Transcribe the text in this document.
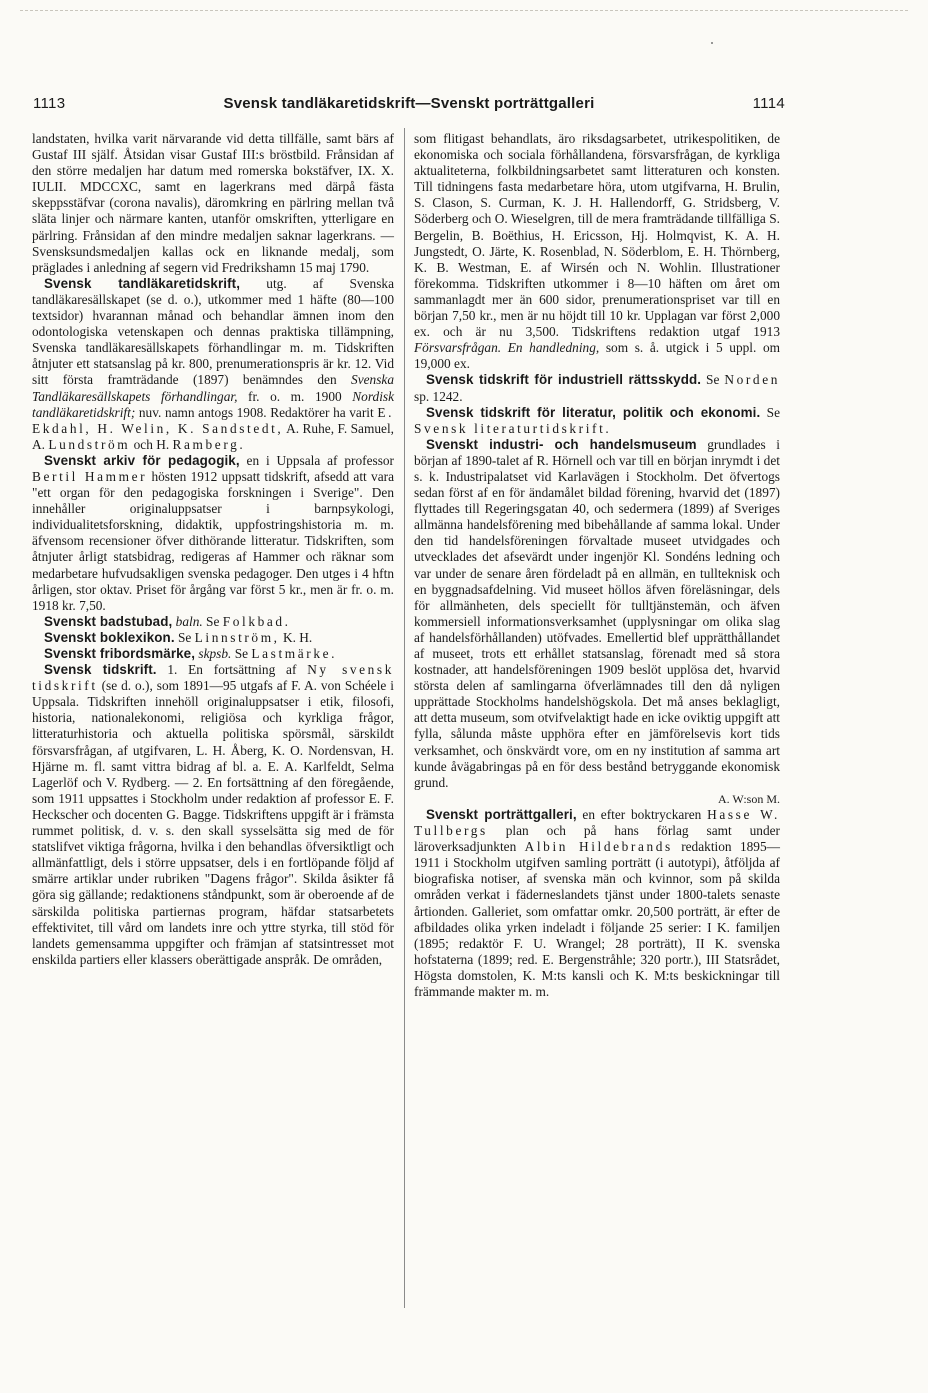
1113	Svensk tandläkaretidskrift—Svenskt porträttgalleri	1114

landstaten, hvilka varit närvarande vid detta tillfälle, samt bärs af Gustaf III själf. Åtsidan visar Gustaf III:s bröstbild. Frånsidan af den större medaljen har datum med romerska bokstäfver, IX. X. IULII. MDCCXC, samt en lagerkrans med därpå fästa skeppsstäfvar (corona navalis), däromkring en pärlring mellan två släta linjer och närmare kanten, utanför omskriften, ytterligare en pärlring. Frånsidan af den mindre medaljen saknar lagerkrans. — Svensksundsmedaljen kallas ock en liknande medalj, som präglades i anledning af segern vid Fredrikshamn 15 maj 1790.

Svensk tandläkaretidskrift, utg. af Svenska tandläkaresällskapet (se d. o.), utkommer med 1 häfte (80—100 textsidor) hvarannan månad och behandlar ämnen inom den odontologiska vetenskapen och dennas praktiska tillämpning, Svenska tandläkaresällskapets förhandlingar m. m. Tidskriften åtnjuter ett statsanslag på kr. 800, prenumerationspris är kr. 12. Vid sitt första framträdande (1897) benämndes den Svenska Tandläkaresällskapets förhandlingar, fr. o. m. 1900 Nordisk tandläkaretidskrift; nuv. namn antogs 1908. Redaktörer ha varit E. Ekdahl, H. Welin, K. Sandstedt, A. Ruhe, F. Samuel, A. Lundström och H. Ramberg.

Svenskt arkiv för pedagogik, en i Uppsala af professor Bertil Hammer hösten 1912 uppsatt tidskrift, afsedd att vara "ett organ för den pedagogiska forskningen i Sverige". Den innehåller originaluppsatser i barnpsykologi, individualitetsforskning, didaktik, uppfostringshistoria m. m. äfvensom recensioner öfver dithörande litteratur. Tidskriften, som åtnjuter årligt statsbidrag, redigeras af Hammer och räknar som medarbetare hufvudsakligen svenska pedagoger. Den utges i 4 hftn årligen, stor oktav. Priset för årgång var först 5 kr., men är fr. o. m. 1918 kr. 7,50.

Svenskt badstubad, baln. Se Folkbad.

Svenskt boklexikon. Se Linnström, K. H.

Svenskt fribordsmärke, skpsb. Se Lastmärke.

Svensk tidskrift. 1. En fortsättning af Ny svensk tidskrift (se d. o.), som 1891—95 utgafs af F. A. von Schéele i Uppsala. Tidskriften innehöll originaluppsatser i etik, filosofi, historia, nationalekonomi, religiösa och kyrkliga frågor, litteraturhistoria och aktuella politiska spörsmål, särskildt försvarsfrågan, af utgifvaren, L. H. Åberg, K. O. Nordensvan, H. Hjärne m. fl. samt vittra bidrag af bl. a. E. A. Karlfeldt, Selma Lagerlöf och V. Rydberg. — 2. En fortsättning af den föregående, som 1911 uppsattes i Stockholm under redaktion af professor E. F. Heckscher och docenten G. Bagge. Tidskriftens uppgift är i främsta rummet politisk, d. v. s. den skall sysselsätta sig med de för statslifvet viktiga frågorna, hvilka i den behandlas öfversiktligt och allmänfattligt, dels i större uppsatser, dels i en fortlöpande följd af smärre artiklar under rubriken "Dagens frågor". Skilda åsikter få göra sig gällande; redaktionens ståndpunkt, som är oberoende af de särskilda politiska partiernas program, häfdar statsarbetets effektivitet, till vård om landets inre och yttre styrka, till stöd för landets gemensamma uppgifter och främjan af statsintresset mot enskilda partiers eller klassers oberättigade anspråk. De områden,

som flitigast behandlats, äro riksdagsarbetet, utrikespolitiken, de ekonomiska och sociala förhållandena, försvarsfrågan, de kyrkliga aktualiteterna, folkbildningsarbetet samt litteraturen och konsten. Till tidningens fasta medarbetare höra, utom utgifvarna, H. Brulin, S. Clason, S. Curman, K. J. H. Hallendorff, G. Stridsberg, V. Söderberg och O. Wieselgren, till de mera framträdande tillfälliga S. Bergelin, B. Boëthius, H. Ericsson, Hj. Holmqvist, K. A. H. Jungstedt, O. Järte, K. Rosenblad, N. Söderblom, E. H. Thörnberg, K. B. Westman, E. af Wirsén och N. Wohlin. Illustrationer förekomma. Tidskriften utkommer i 8—10 häften om året om sammanlagdt mer än 600 sidor, prenumerationspriset var till en början 7,50 kr., men är nu höjdt till 10 kr. Upplagan var först 2,000 ex. och är nu 3,500. Tidskriftens redaktion utgaf 1913 Försvarsfrågan. En handledning, som s. å. utgick i 5 uppl. om 19,000 ex.

Svensk tidskrift för industriell rättsskydd. Se Norden sp. 1242.

Svensk tidskrift för literatur, politik och ekonomi. Se Svensk literaturtidskrift.

Svenskt industri- och handelsmuseum grundlades i början af 1890-talet af R. Hörnell och var till en början inrymdt i det s. k. Industripalatset vid Karlavägen i Stockholm. Det öfvertogs sedan först af en för ändamålet bildad förening, hvarvid det (1897) flyttades till Regeringsgatan 40, och sedermera (1899) af Sveriges allmänna handelsförening med bibehållande af samma lokal. Under den tid handelsföreningen förvaltade museet utvidgades och utvecklades det afsevärdt under ingenjör Kl. Sondéns ledning och var under de senare åren fördeladt på en allmän, en tullteknisk och en byggnadsafdelning. Vid museet höllos äfven föreläsningar, dels för allmänheten, dels speciellt för tulltjänstemän, och äfven kommersiell informationsverksamhet (upplysningar om olika slag af handelsförhållanden) utöfvades. Emellertid blef upprätthållandet af museet, trots ett erhållet statsanslag, förenadt med så stora kostnader, att handelsföreningen 1909 beslöt upplösa det, hvarvid största delen af samlingarna öfverlämnades till den då nyligen upprättade Stockholms handelshögskola. Det må anses beklagligt, att detta museum, som otvifvelaktigt hade en icke oviktig uppgift att fylla, sålunda måste upphöra efter en jämförelsevis kort tids verksamhet, och önskvärdt vore, om en ny institution af samma art kunde åvägabringas på en för dess bestånd betryggande ekonomisk grund.

A. W:son M.

Svenskt porträttgalleri, en efter boktryckaren Hasse W. Tullbergs plan och på hans förlag samt under läroverksadjunkten Albin Hildebrands redaktion 1895—1911 i Stockholm utgifven samling porträtt (i autotypi), åtföljda af biografiska notiser, af svenska män och kvinnor, som på skilda områden verkat i fäderneslandets tjänst under 1800-talets senaste årtionden. Galleriet, som omfattar omkr. 20,500 porträtt, är efter de afbildades olika yrken indeladt i följande 25 serier: I K. familjen (1895; redaktör F. U. Wrangel; 28 porträtt), II K. svenska hofstaterna (1899; red. E. Bergenstråhle; 320 portr.), III Statsrådet, Högsta domstolen, K. M:ts kansli och K. M:ts beskickningar till främmande makter m. m.
